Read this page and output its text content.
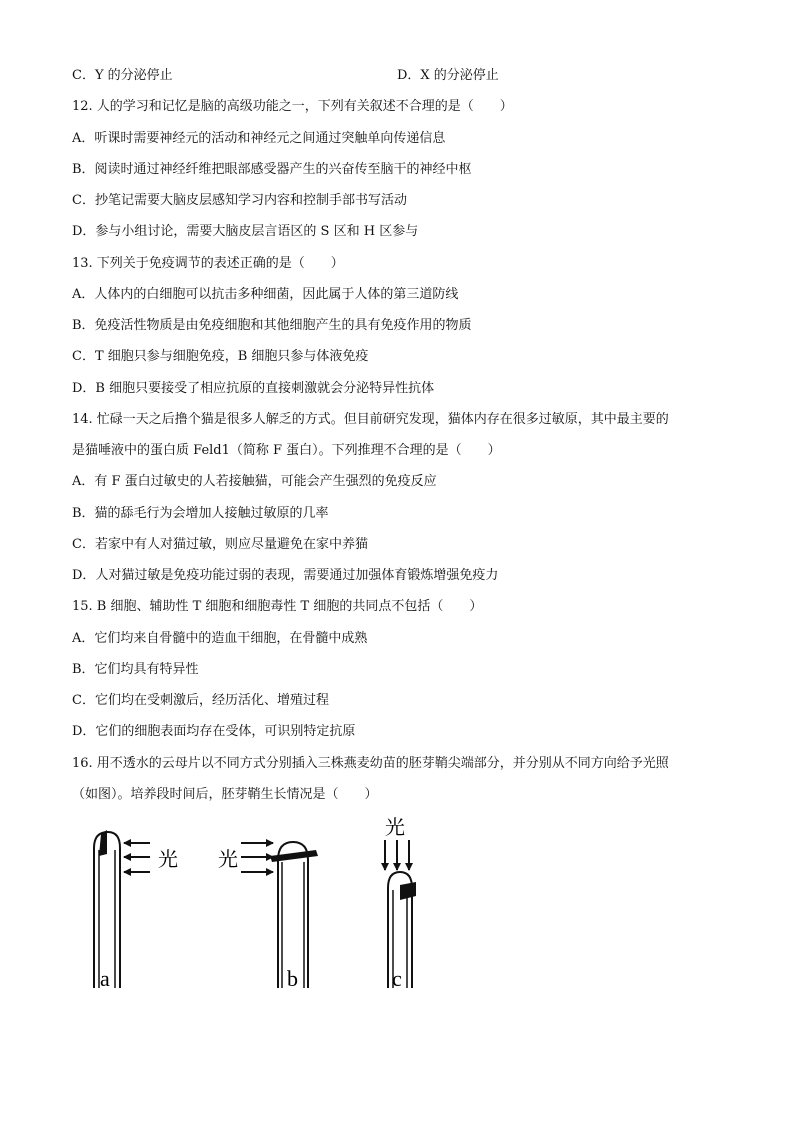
C．Y 的分泌停止	D．X 的分泌停止
12. 人的学习和记忆是脑的高级功能之一，下列有关叙述不合理的是（　　）
A．听课时需要神经元的活动和神经元之间通过突触单向传递信息
B．阅读时通过神经纤维把眼部感受器产生的兴奋传至脑干的神经中枢
C．抄笔记需要大脑皮层感知学习内容和控制手部书写活动
D．参与小组讨论，需要大脑皮层言语区的 S 区和 H 区参与
13. 下列关于免疫调节的表述正确的是（　　）
A．人体内的白细胞可以抗击多种细菌，因此属于人体的第三道防线
B．免疫活性物质是由免疫细胞和其他细胞产生的具有免疫作用的物质
C．T 细胞只参与细胞免疫，B 细胞只参与体液免疫
D．B 细胞只要接受了相应抗原的直接刺激就会分泌特异性抗体
14. 忙碌一天之后撸个猫是很多人解乏的方式。但目前研究发现，猫体内存在很多过敏原，其中最主要的
是猫唾液中的蛋白质 Feld1（简称 F 蛋白）。下列推理不合理的是（　　）
A．有 F 蛋白过敏史的人若接触猫，可能会产生强烈的免疫反应
B．猫的舔毛行为会增加人接触过敏原的几率
C．若家中有人对猫过敏，则应尽量避免在家中养猫
D．人对猫过敏是免疫功能过弱的表现，需要通过加强体育锻炼增强免疫力
15. B 细胞、辅助性 T 细胞和细胞毒性 T 细胞的共同点不包括（　　）
A．它们均来自骨髓中的造血干细胞，在骨髓中成熟
B．它们均具有特异性
C．它们均在受刺激后，经历活化、增殖过程
D．它们的细胞表面均存在受体，可识别特定抗原
16. 用不透水的云母片以不同方式分别插入三株燕麦幼苗的胚芽鞘尖端部分，并分别从不同方向给予光照
（如图）。培养段时间后，胚芽鞘生长情况是（　　）
光
a
光
b
光
c
